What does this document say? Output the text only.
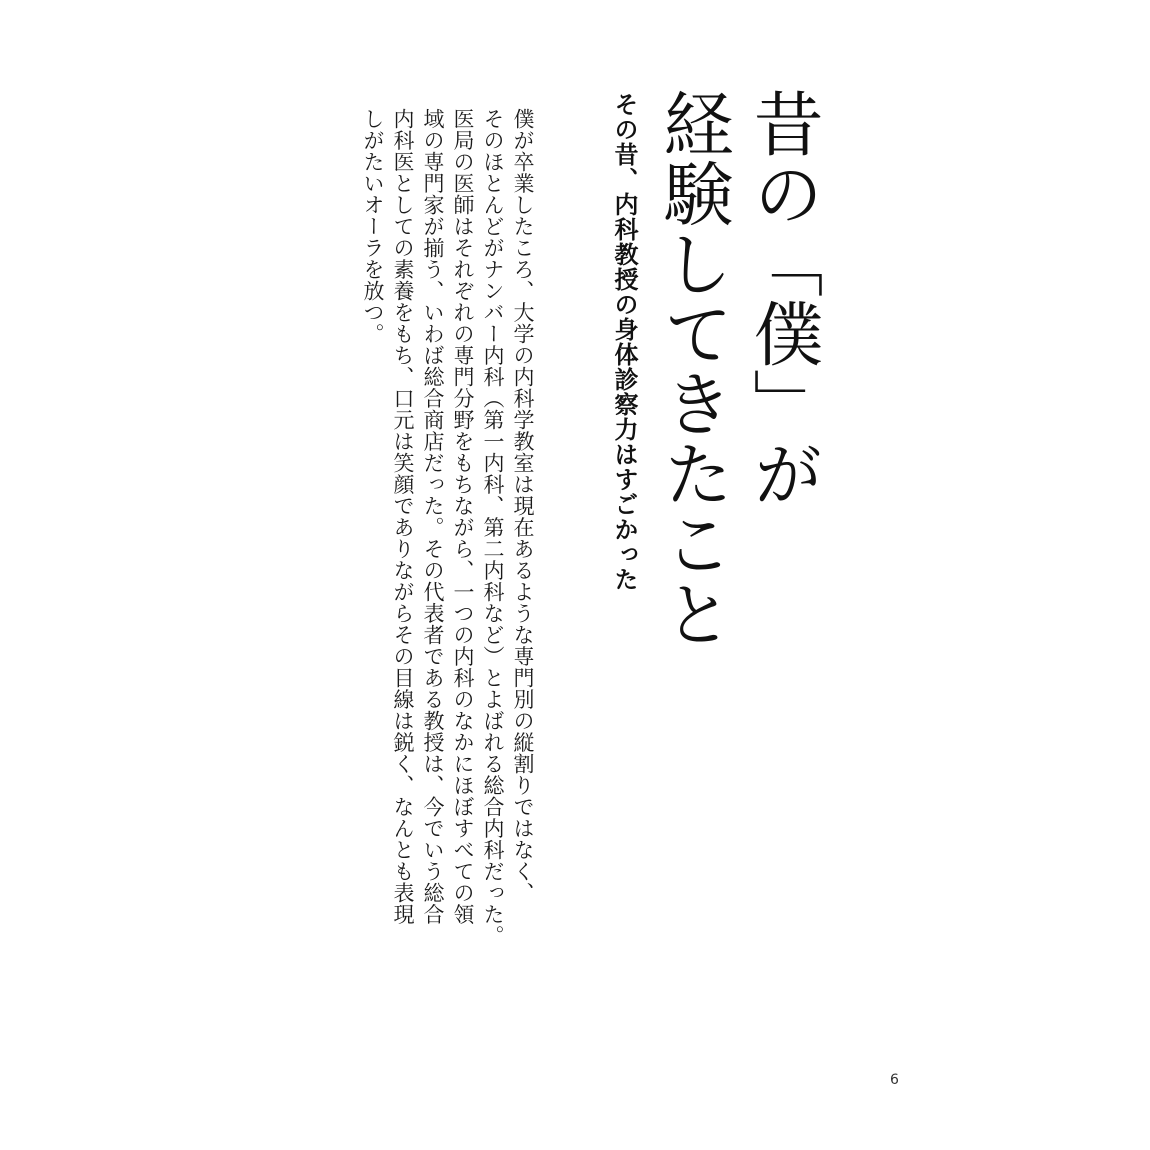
昔の「僕」が
経験してきたこと
その昔、内科教授の身体診察力はすごかった
僕が卒業したころ、大学の内科学教室は現在あるような専門別の縦割りではなく、
そのほとんどがナンバー内科（第一内科、第二内科など）とよばれる総合内科だった。
医局の医師はそれぞれの専門分野をもちながら、一つの内科のなかにほぼすべての領
域の専門家が揃う、いわば総合商店だった。その代表者である教授は、今でいう総合
内科医としての素養をもち、口元は笑顔でありながらその目線は鋭く、なんとも表現
しがたいオーラを放つ。
6
